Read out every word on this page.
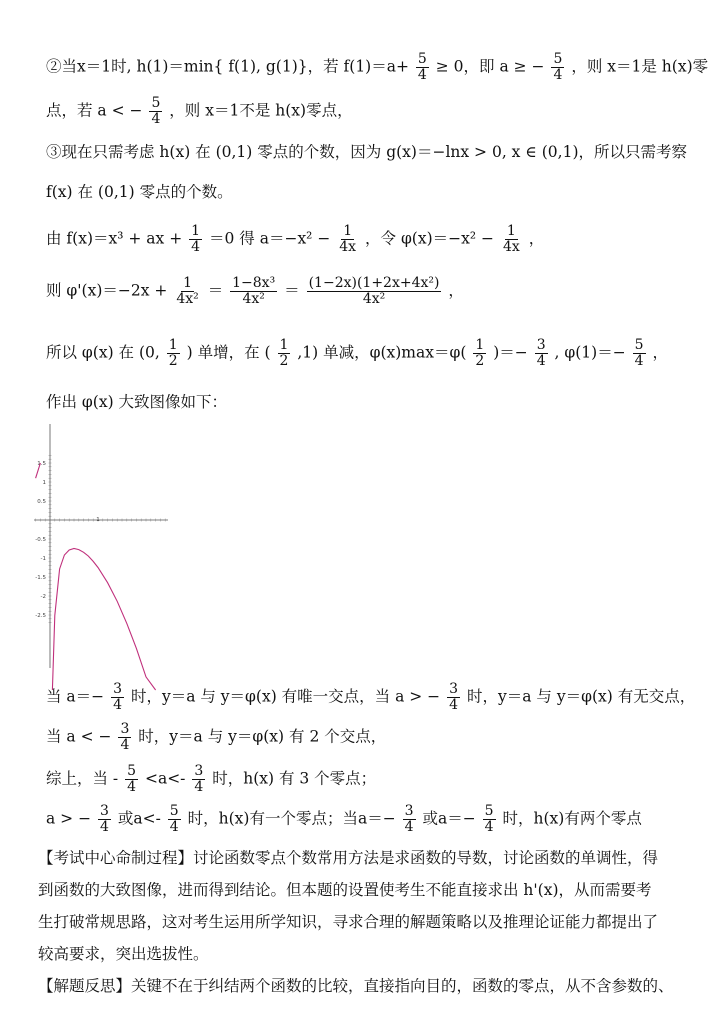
②当x＝1时, h(1)＝min{ f(1), g(1)}，若 $f(1)=a+ \frac{5}{4} \ge 0$，即 a ≥ − $\frac{5}{4}$ ，则 x＝1是 h(x)零
点，若 a < − $\frac{5}{4}$ ，则 x＝1不是 h(x)零点，
③现在只需考虑 h(x) 在 (0,1) 零点的个数，因为 g(x)＝−lnx > 0, x ∈ (0,1)，所以只需考察
f(x) 在 (0,1) 零点的个数。
由 f(x)＝x³ + ax + $\frac{1}{4} =0$ 得 $a=-x^2 - \frac{1}{4x}$ ，令 $\varphi(x)=-x^2 - \frac{1}{4x}$ ，
则 $\varphi'(x)=-2x + \frac{1}{\text{4x²}} = \frac{\text{1−8x³}}{\text{4x²}} = \frac{\text{(1−2x)(1+2x+4x²)}}{\text{4x²}}$ ，
所以 φ(x) 在 (0, $\frac{1}{2}$ ) 单增，在 ( $\frac{1}{2} ,1$) 单减，$\varphi(x)\max=\varphi( \frac{1}{2}$ )＝− $\frac{3}{4}$ , $\varphi(1)=- \frac{5}{4}$ ，
作出 φ(x) 大致图像如下：
1.5
1
0.5
-0.5
-1
-1.5
-2
-2.5
1
当 $a=- \frac{3}{4}$ 时，y＝a 与 y＝φ(x) 有唯一交点，当 a > − $\frac{3}{4}$ 时，y＝a 与 y＝φ(x) 有无交点，
当 a < − $\frac{3}{4}$ 时，y＝a 与 y＝φ(x) 有 2 个交点，
综上，当 - $\frac{5}{4} <a<- \frac{3}{4}$ 时，h(x) 有 3 个零点；
a > − $\frac{3}{4}$ 或$a<- \frac{5}{4}$ 时，h(x)有一个零点；当$a=- \frac{3}{4}$ 或$a=- \frac{5}{4}$ 时，h(x)有两个零点
【考试中心命制过程】讨论函数零点个数常用方法是求函数的导数，讨论函数的单调性，得
到函数的大致图像，进而得到结论。但本题的设置使考生不能直接求出 h'(x)，从而需要考
生打破常规思路，这对考生运用所学知识，寻求合理的解题策略以及推理论证能力都提出了
较高要求，突出选拔性。
【解题反思】关键不在于纠结两个函数的比较，直接指向目的，函数的零点，从不含参数的、
